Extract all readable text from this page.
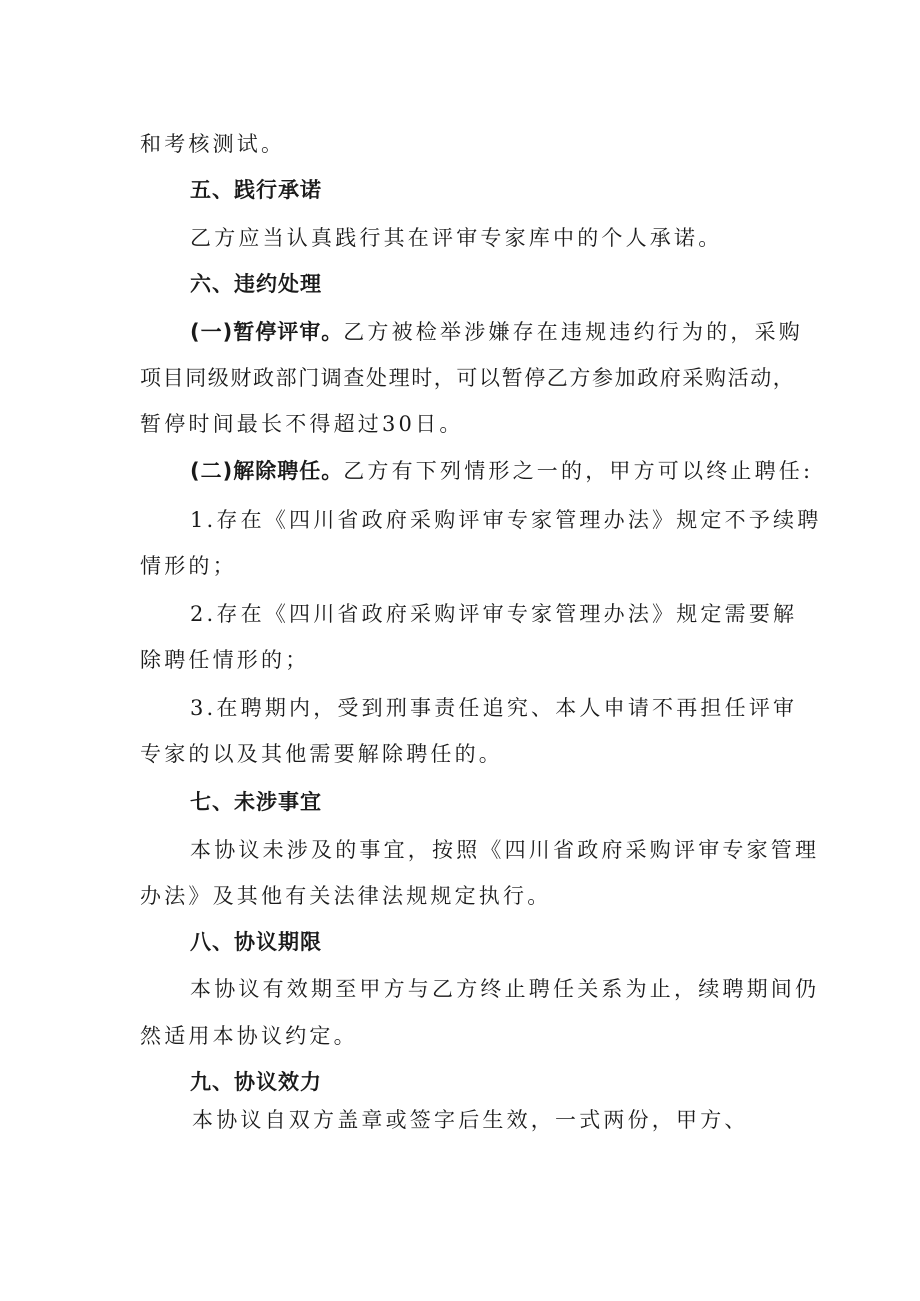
和考核测试。
五、践行承诺
乙方应当认真践行其在评审专家库中的个人承诺。
六、违约处理
(一)暂停评审。乙方被检举涉嫌存在违规违约行为的，采购
项目同级财政部门调查处理时，可以暂停乙方参加政府采购活动，
暂停时间最长不得超过30日。
(二)解除聘任。乙方有下列情形之一的，甲方可以终止聘任:
1.存在《四川省政府采购评审专家管理办法》规定不予续聘
情形的；
2.存在《四川省政府采购评审专家管理办法》规定需要解
除聘任情形的；
3.在聘期内，受到刑事责任追究、本人申请不再担任评审
专家的以及其他需要解除聘任的。
七、未涉事宜
本协议未涉及的事宜，按照《四川省政府采购评审专家管理
办法》及其他有关法律法规规定执行。
八、协议期限
本协议有效期至甲方与乙方终止聘任关系为止，续聘期间仍
然适用本协议约定。
九、协议效力
本协议自双方盖章或签字后生效，一式两份，甲方、
